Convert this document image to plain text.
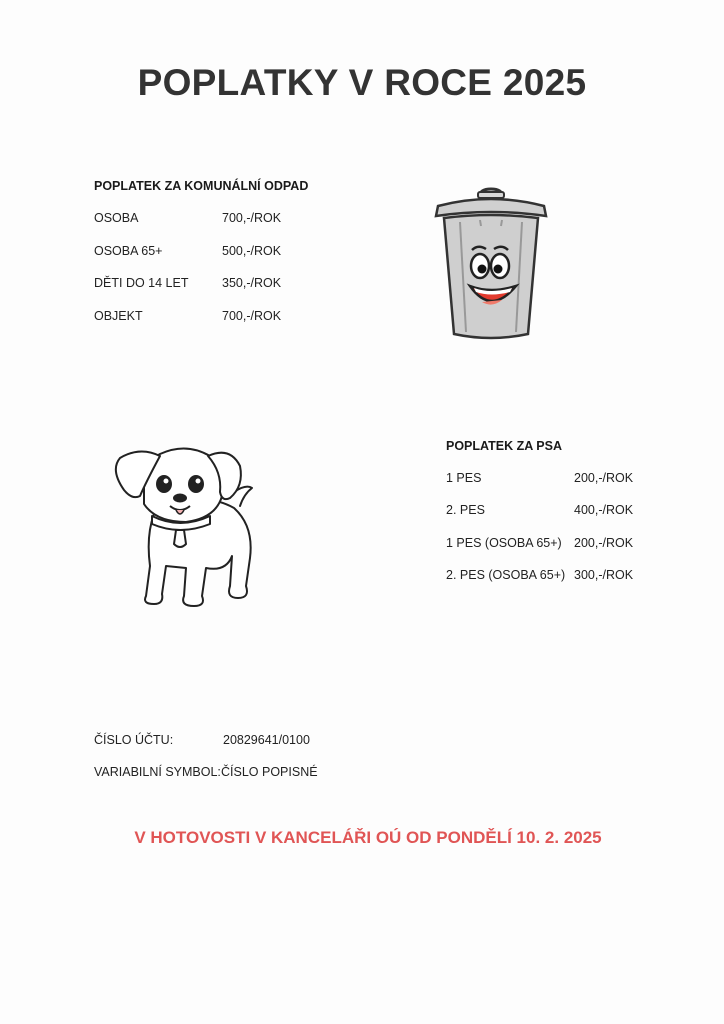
POPLATKY V ROCE 2025
POPLATEK ZA KOMUNÁLNÍ ODPAD
OSOBA	700,-/ROK
OSOBA 65+	500,-/ROK
DĚTI DO 14 LET	350,-/ROK
OBJEKT	700,-/ROK
POPLATEK ZA PSA
1 PES	200,-/ROK
2. PES	400,-/ROK
1 PES (OSOBA 65+) 200,-/ROK
2. PES (OSOBA 65+) 300,-/ROK
ČÍSLO ÚČTU:	20829641/0100
VARIABILNÍ SYMBOL: ČÍSLO POPISNÉ
V HOTOVOSTI V KANCELÁŘI OÚ OD PONDĚLÍ 10. 2. 2025
